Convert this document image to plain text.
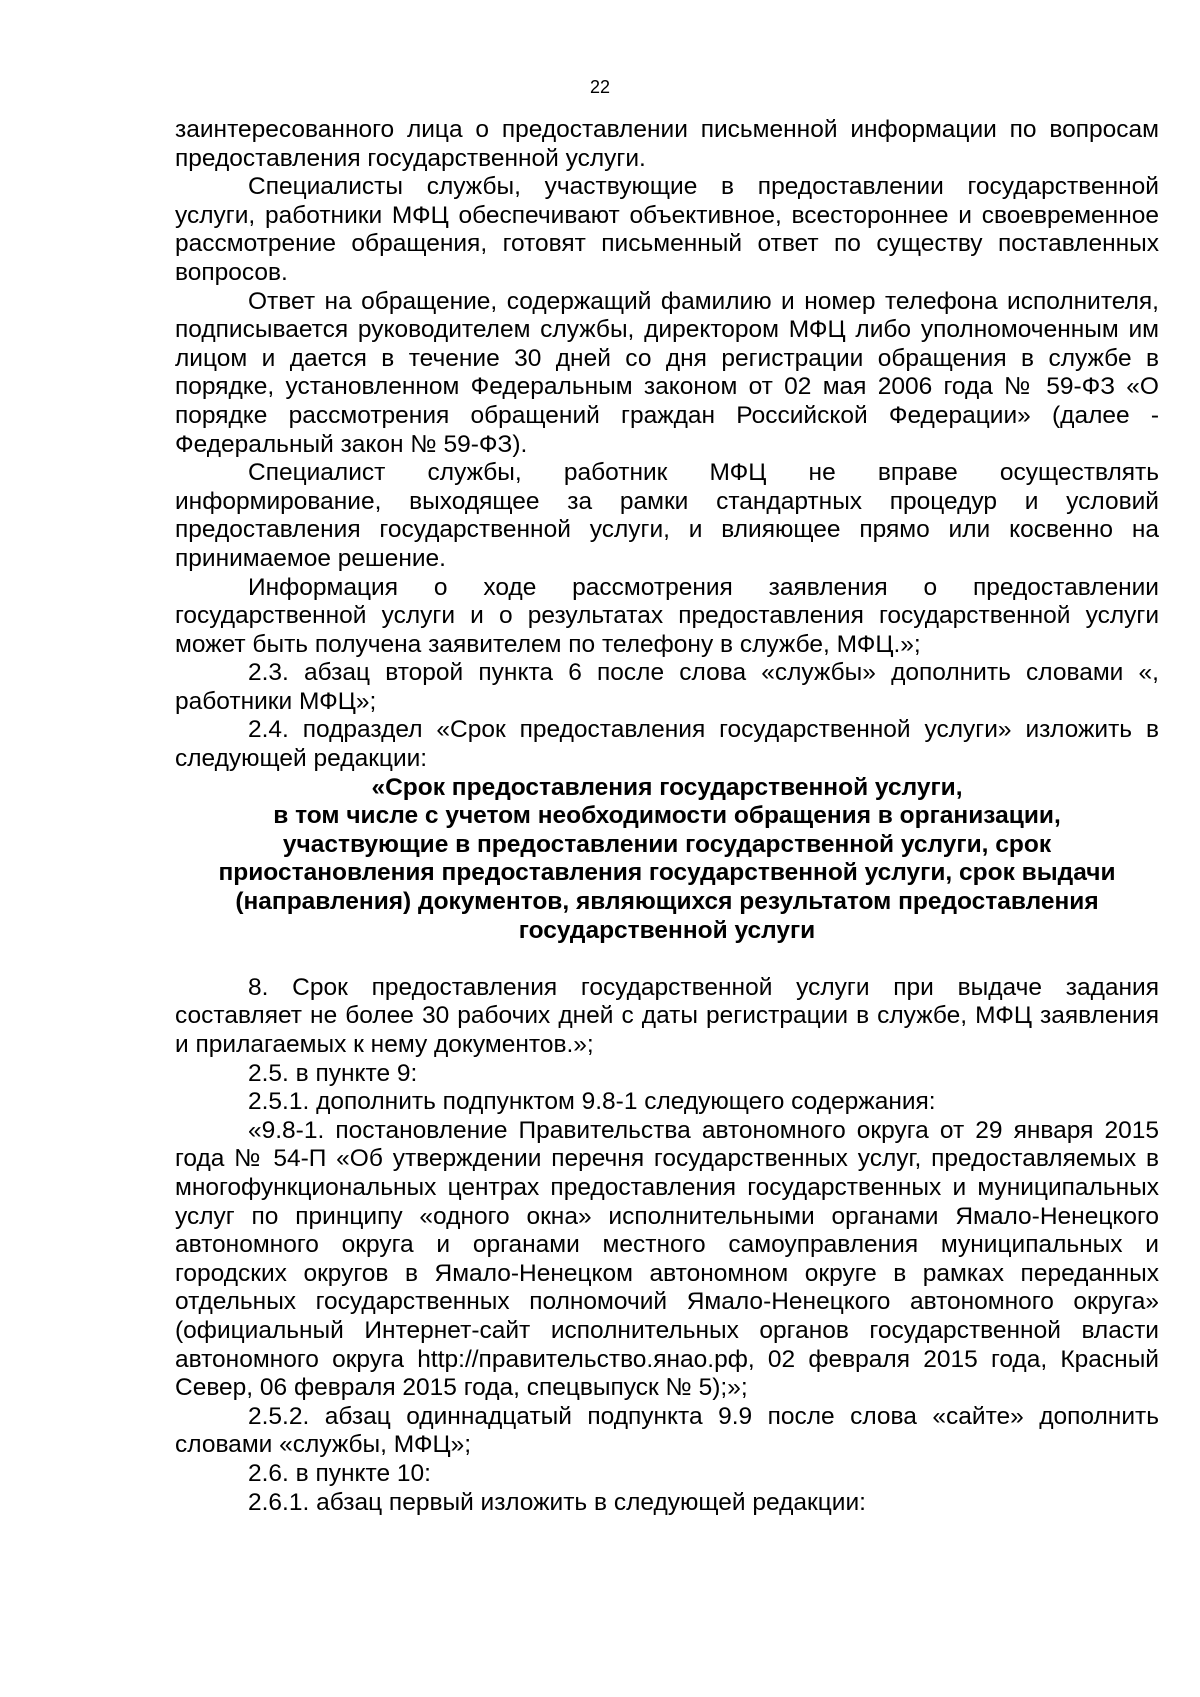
22

заинтересованного лица о предоставлении письменной информации по вопросам предоставления государственной услуги.

Специалисты службы, участвующие в предоставлении государственной услуги, работники МФЦ обеспечивают объективное, всестороннее и своевременное рассмотрение обращения, готовят письменный ответ по существу поставленных вопросов.

Ответ на обращение, содержащий фамилию и номер телефона исполнителя, подписывается руководителем службы, директором МФЦ либо уполномоченным им лицом и дается в течение 30 дней со дня регистрации обращения в службе в порядке, установленном Федеральным законом от 02 мая 2006 года № 59-ФЗ «О порядке рассмотрения обращений граждан Российской Федерации» (далее - Федеральный закон № 59-ФЗ).

Специалист службы, работник МФЦ не вправе осуществлять информирование, выходящее за рамки стандартных процедур и условий предоставления государственной услуги, и влияющее прямо или косвенно на принимаемое решение.

Информация о ходе рассмотрения заявления о предоставлении государственной услуги и о результатах предоставления государственной услуги может быть получена заявителем по телефону в службе, МФЦ.»;

2.3. абзац второй пункта 6 после слова «службы» дополнить словами «, работники МФЦ»;

2.4. подраздел «Срок предоставления государственной услуги» изложить в следующей редакции:

«Срок предоставления государственной услуги,
в том числе с учетом необходимости обращения в организации,
участвующие в предоставлении государственной услуги, срок
приостановления предоставления государственной услуги, срок выдачи
(направления) документов, являющихся результатом предоставления
государственной услуги

8. Срок предоставления государственной услуги при выдаче задания составляет не более 30 рабочих дней с даты регистрации в службе, МФЦ заявления и прилагаемых к нему документов.»;

2.5. в пункте 9:

2.5.1. дополнить подпунктом 9.8-1 следующего содержания:

«9.8-1. постановление Правительства автономного округа от 29 января 2015 года № 54-П «Об утверждении перечня государственных услуг, предоставляемых в многофункциональных центрах предоставления государственных и муниципальных услуг по принципу «одного окна» исполнительными органами Ямало-Ненецкого автономного округа и органами местного самоуправления муниципальных и городских округов в Ямало-Ненецком автономном округе в рамках переданных отдельных государственных полномочий Ямало-Ненецкого автономного округа» (официальный Интернет-сайт исполнительных органов государственной власти автономного округа http://правительство.янао.рф, 02 февраля 2015 года, Красный Север, 06 февраля 2015 года, спецвыпуск № 5);»;

2.5.2. абзац одиннадцатый подпункта 9.9 после слова «сайте» дополнить словами «службы, МФЦ»;

2.6. в пункте 10:

2.6.1. абзац первый изложить в следующей редакции:
